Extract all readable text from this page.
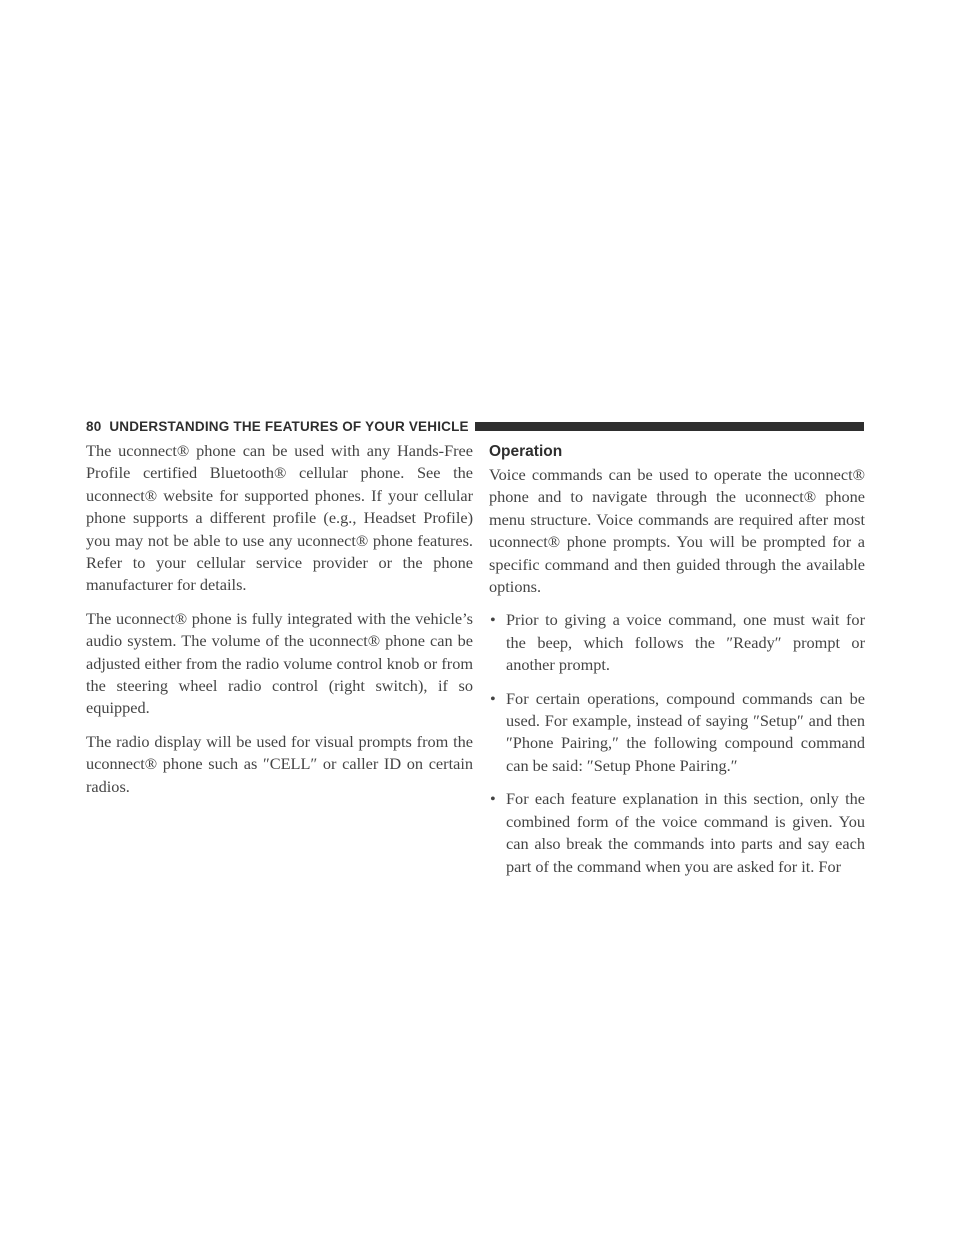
80 UNDERSTANDING THE FEATURES OF YOUR VEHICLE

The uconnect® phone can be used with any Hands-Free Profile certified Bluetooth® cellular phone. See the uconnect® website for supported phones. If your cellular phone supports a different profile (e.g., Headset Profile) you may not be able to use any uconnect® phone features. Refer to your cellular service provider or the phone manufacturer for details.

The uconnect® phone is fully integrated with the vehicle’s audio system. The volume of the uconnect® phone can be adjusted either from the radio volume control knob or from the steering wheel radio control (right switch), if so equipped.

The radio display will be used for visual prompts from the uconnect® phone such as ″CELL″ or caller ID on certain radios.

Operation

Voice commands can be used to operate the uconnect® phone and to navigate through the uconnect® phone menu structure. Voice commands are required after most uconnect® phone prompts. You will be prompted for a specific command and then guided through the available options.

• Prior to giving a voice command, one must wait for the beep, which follows the ″Ready″ prompt or another prompt.
• For certain operations, compound commands can be used. For example, instead of saying ″Setup″ and then ″Phone Pairing,″ the following compound command can be said: ″Setup Phone Pairing.″
• For each feature explanation in this section, only the combined form of the voice command is given. You can also break the commands into parts and say each part of the command when you are asked for it. For
